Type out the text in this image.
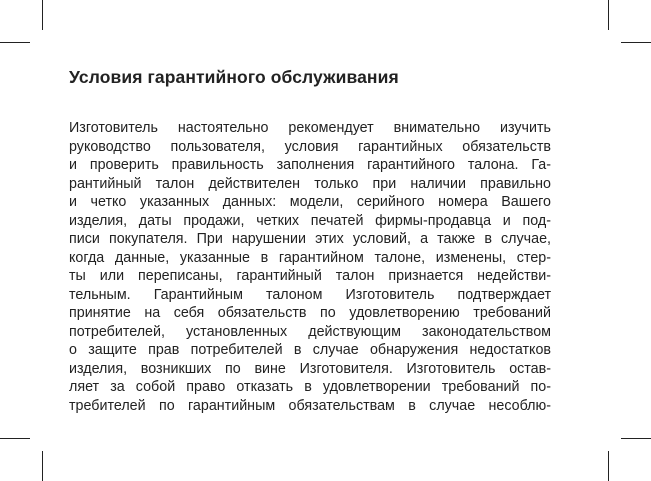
Условия гарантийного обслуживания
Изготовитель настоятельно рекомендует внимательно изучить
руководство пользователя, условия гарантийных обязательств
и проверить правильность заполнения гарантийного талона. Га-
рантийный талон действителен только при наличии правильно
и четко указанных данных: модели, серийного номера Вашего
изделия, даты продажи, четких печатей фирмы-продавца и под-
писи покупателя. При нарушении этих условий, а также в случае,
когда данные, указанные в гарантийном талоне, изменены, стер-
ты или переписаны, гарантийный талон признается недействи-
тельным. Гарантийным талоном Изготовитель подтверждает
принятие на себя обязательств по удовлетворению требований
потребителей, установленных действующим законодательством
о защите прав потребителей в случае обнаружения недостатков
изделия, возникших по вине Изготовителя. Изготовитель остав-
ляет за собой право отказать в удовлетворении требований по-
требителей по гарантийным обязательствам в случае несоблю-
